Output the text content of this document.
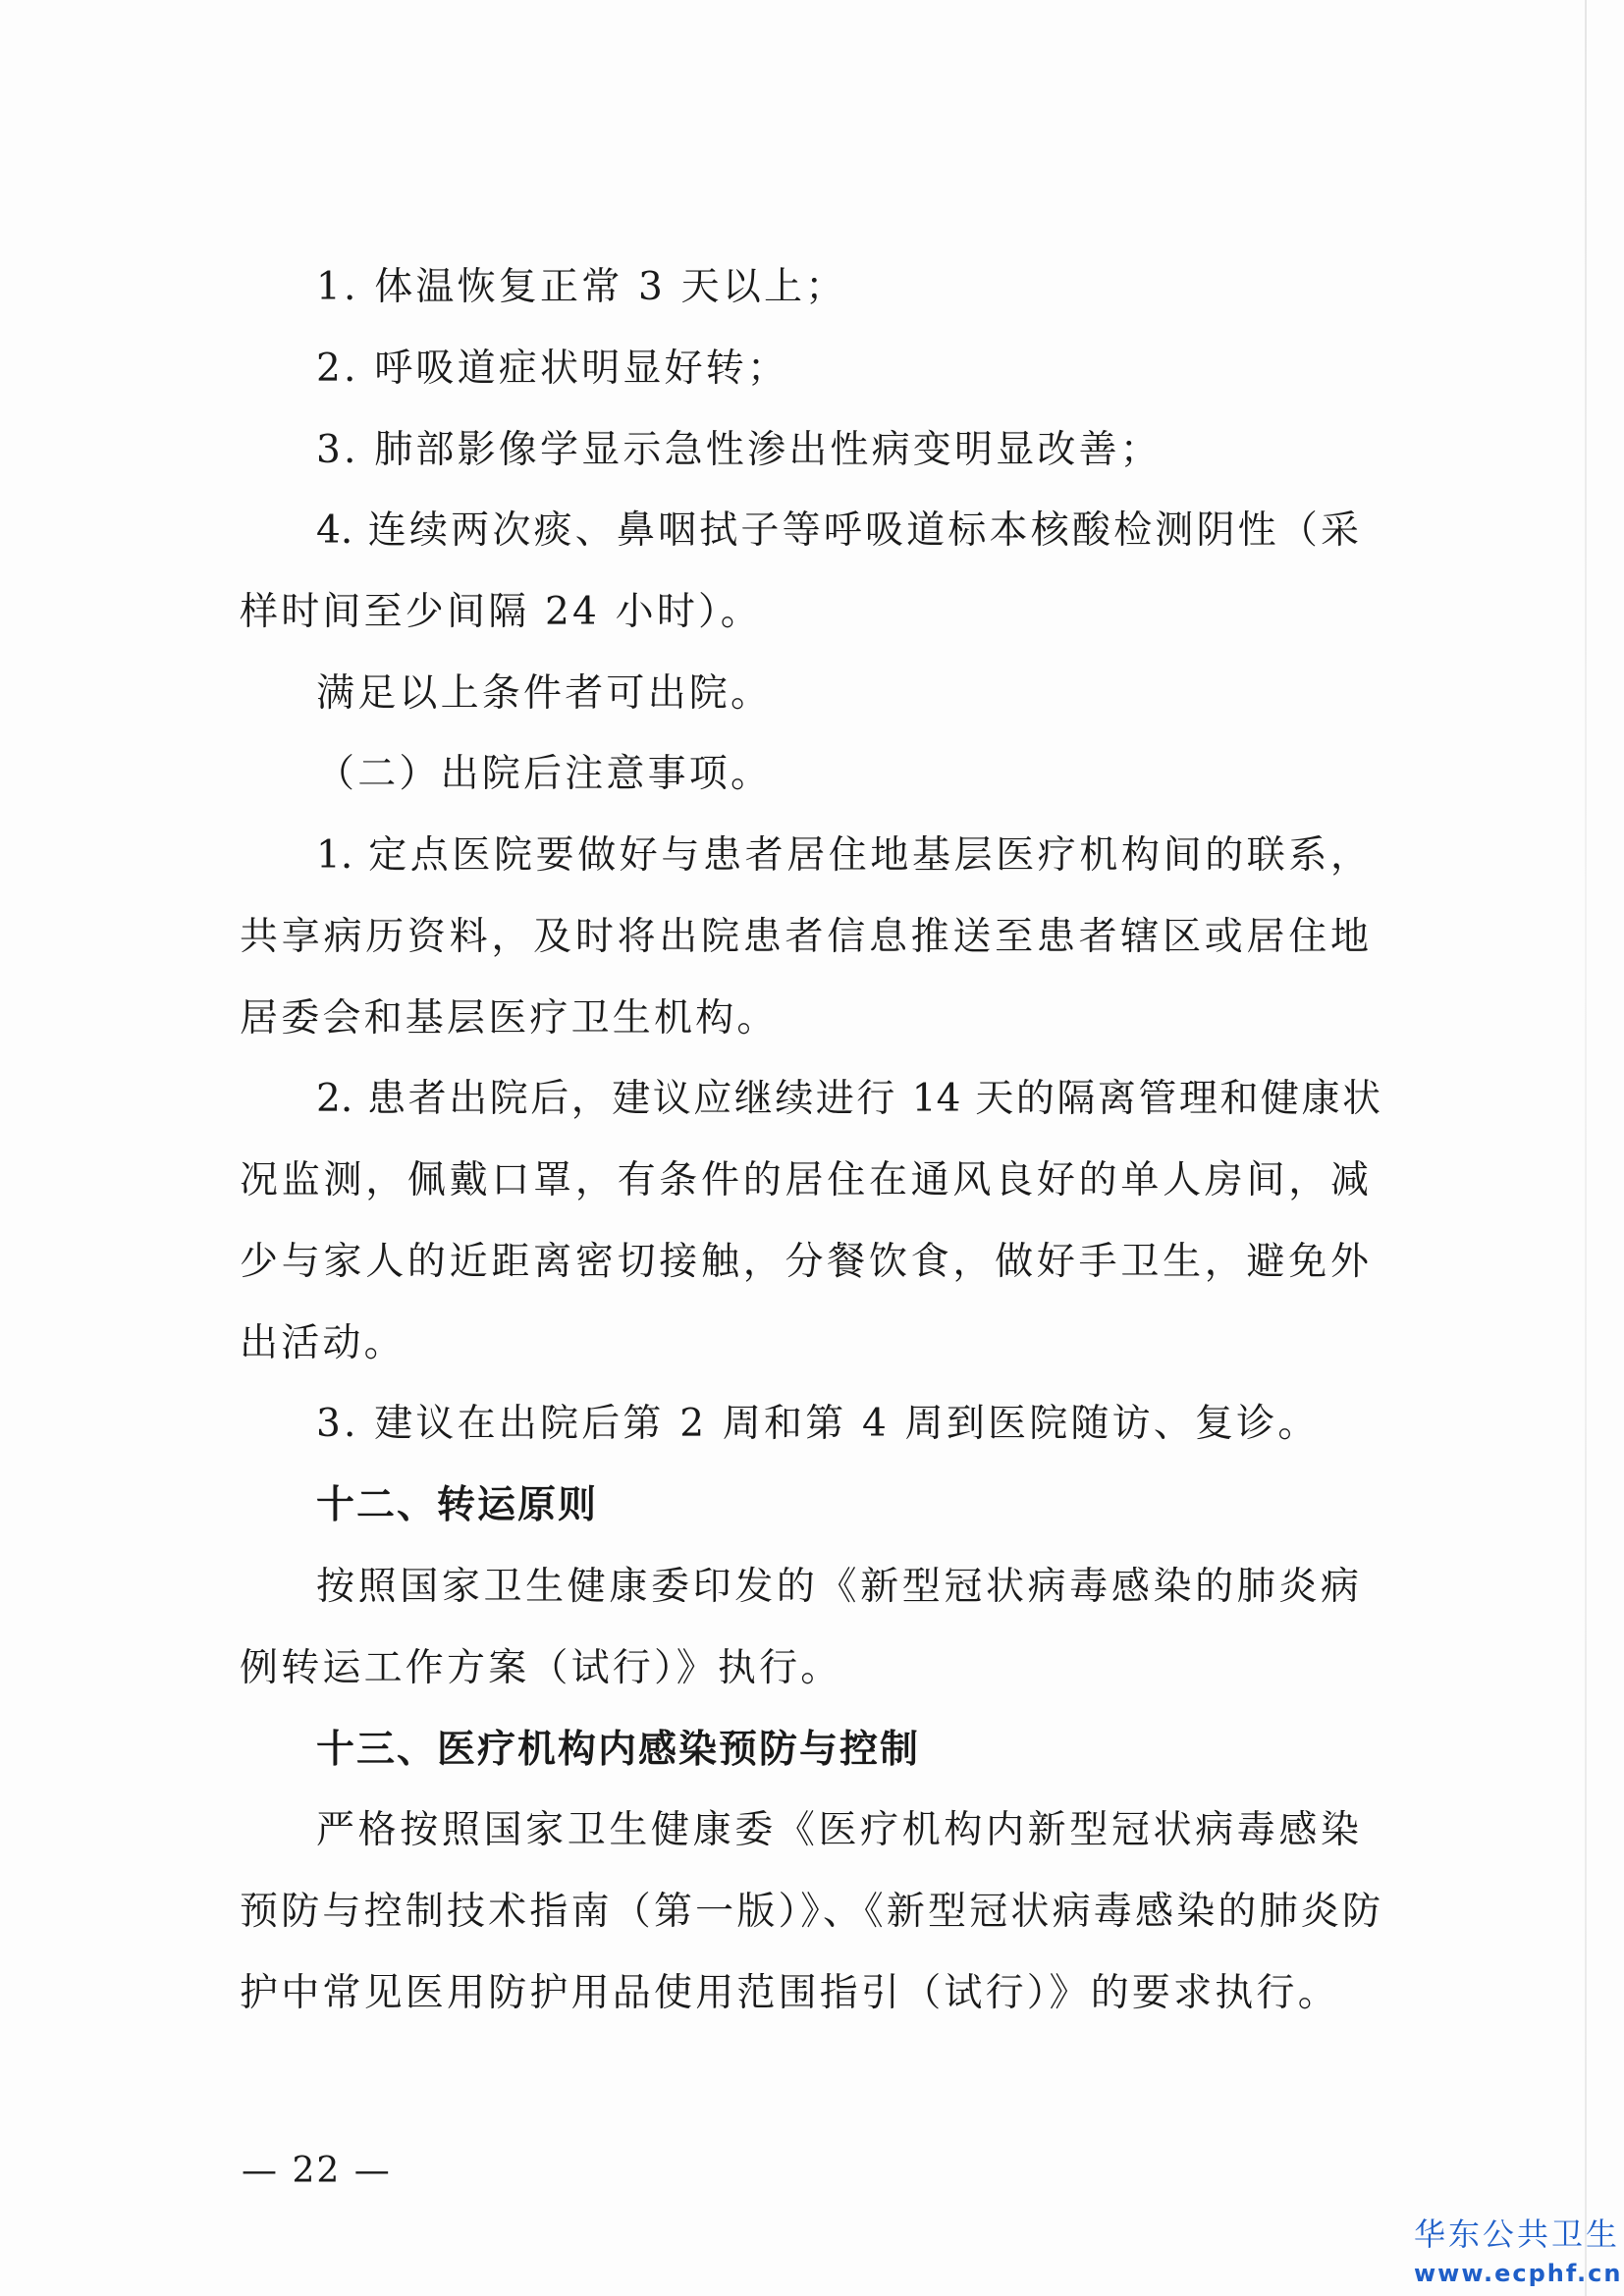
1. 体温恢复正常 3 天以上；
2. 呼吸道症状明显好转；
3. 肺部影像学显示急性渗出性病变明显改善；
4. 连续两次痰、鼻咽拭子等呼吸道标本核酸检测阴性（采
样时间至少间隔 24 小时）。
满足以上条件者可出院。
（二）出院后注意事项。
1. 定点医院要做好与患者居住地基层医疗机构间的联系，
共享病历资料，及时将出院患者信息推送至患者辖区或居住地
居委会和基层医疗卫生机构。
2. 患者出院后，建议应继续进行 14 天的隔离管理和健康状
况监测，佩戴口罩，有条件的居住在通风良好的单人房间，减
少与家人的近距离密切接触，分餐饮食，做好手卫生，避免外
出活动。
3. 建议在出院后第 2 周和第 4 周到医院随访、复诊。
十二、转运原则
按照国家卫生健康委印发的《新型冠状病毒感染的肺炎病
例转运工作方案（试行）》执行。
十三、医疗机构内感染预防与控制
严格按照国家卫生健康委《医疗机构内新型冠状病毒感染
预防与控制技术指南（第一版）》、《新型冠状病毒感染的肺炎防
护中常见医用防护用品使用范围指引（试行）》的要求执行。
— 22 —
华东公共卫生
www.ecphf.cn
